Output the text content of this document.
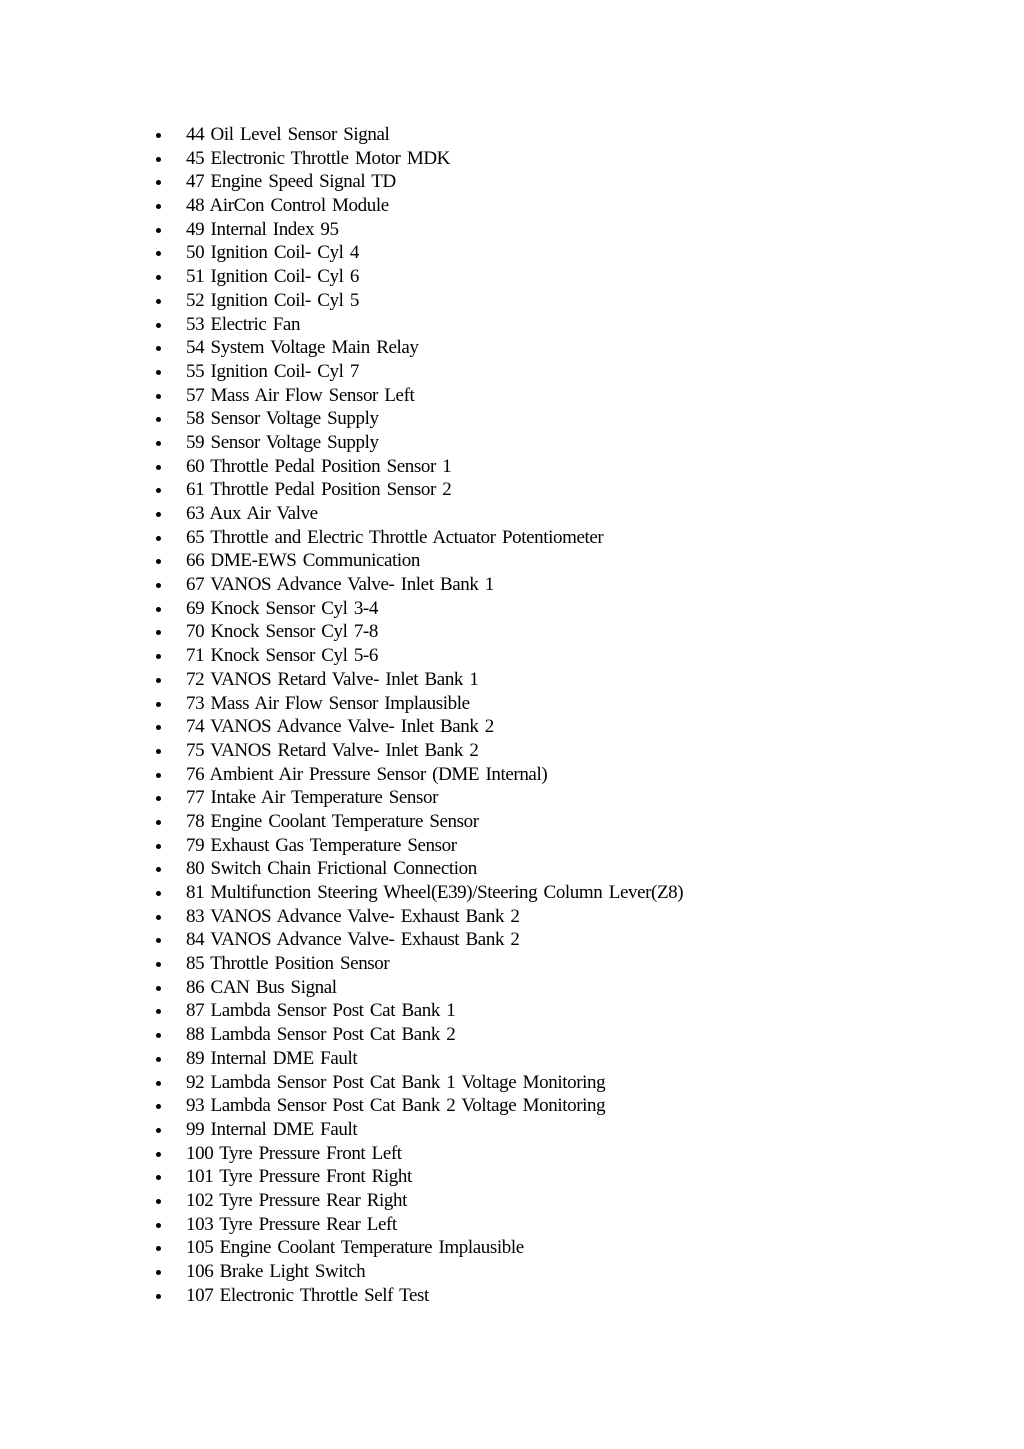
44 Oil Level Sensor Signal
45 Electronic Throttle Motor MDK
47 Engine Speed Signal TD
48 AirCon Control Module
49 Internal Index 95
50 Ignition Coil- Cyl 4
51 Ignition Coil- Cyl 6
52 Ignition Coil- Cyl 5
53 Electric Fan
54 System Voltage Main Relay
55 Ignition Coil- Cyl 7
57 Mass Air Flow Sensor Left
58 Sensor Voltage Supply
59 Sensor Voltage Supply
60 Throttle Pedal Position Sensor 1
61 Throttle Pedal Position Sensor 2
63 Aux Air Valve
65 Throttle and Electric Throttle Actuator Potentiometer
66 DME-EWS Communication
67 VANOS Advance Valve- Inlet Bank 1
69 Knock Sensor Cyl 3-4
70 Knock Sensor Cyl 7-8
71 Knock Sensor Cyl 5-6
72 VANOS Retard Valve- Inlet Bank 1
73 Mass Air Flow Sensor Implausible
74 VANOS Advance Valve- Inlet Bank 2
75 VANOS Retard Valve- Inlet Bank 2
76 Ambient Air Pressure Sensor (DME Internal)
77 Intake Air Temperature Sensor
78 Engine Coolant Temperature Sensor
79 Exhaust Gas Temperature Sensor
80 Switch Chain Frictional Connection
81 Multifunction Steering Wheel(E39)/Steering Column Lever(Z8)
83 VANOS Advance Valve- Exhaust Bank 2
84 VANOS Advance Valve- Exhaust Bank 2
85 Throttle Position Sensor
86 CAN Bus Signal
87 Lambda Sensor Post Cat Bank 1
88 Lambda Sensor Post Cat Bank 2
89 Internal DME Fault
92 Lambda Sensor Post Cat Bank 1 Voltage Monitoring
93 Lambda Sensor Post Cat Bank 2 Voltage Monitoring
99 Internal DME Fault
100 Tyre Pressure Front Left
101 Tyre Pressure Front Right
102 Tyre Pressure Rear Right
103 Tyre Pressure Rear Left
105 Engine Coolant Temperature Implausible
106 Brake Light Switch
107 Electronic Throttle Self Test
